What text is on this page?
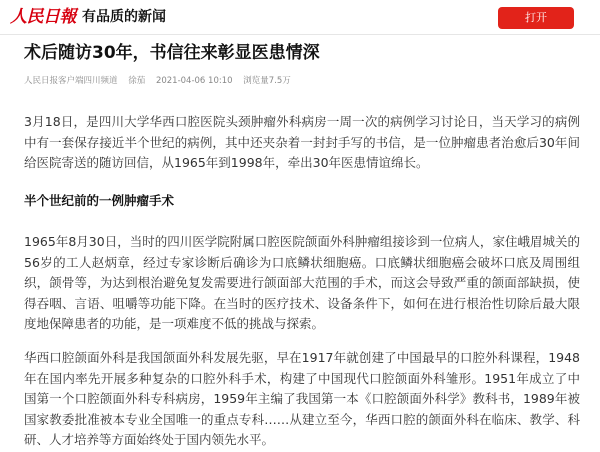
人民日報 有品质的新闻	打开
术后随访30年，书信往来彰显医患情深
人民日报客户端四川频道 徐茄 2021-04-06 10:10 浏览量7.5万

3月18日，是四川大学华西口腔医院头颈肿瘤外科病房一周一次的病例学习讨论日，当天学习的病例中有一套保存接近半个世纪的病例，其中还夹杂着一封封手写的书信，是一位肿瘤患者治愈后30年间给医院寄送的随访回信，从1965年到1998年，牵出30年医患情谊绵长。

半个世纪前的一例肿瘤手术

1965年8月30日，当时的四川医学院附属口腔医院颌面外科肿瘤组接诊到一位病人，家住峨眉城关的56岁的工人赵炳章，经过专家诊断后确诊为口底鳞状细胞癌。口底鳞状细胞癌会破坏口底及周围组织，颌骨等，为达到根治避免复发需要进行颌面部大范围的手术，而这会导致严重的颌面部缺损，使得吞咽、言语、咀嚼等功能下降。在当时的医疗技术、设备条件下，如何在进行根治性切除后最大限度地保障患者的功能，是一项难度不低的挑战与探索。

华西口腔颌面外科是我国颌面外科发展先驱，早在1917年就创建了中国最早的口腔外科课程，1948年在国内率先开展多种复杂的口腔外科手术，构建了中国现代口腔颌面外科雏形。1951年成立了中国第一个口腔颌面外科专科病房，1959年主编了我国第一本《口腔颌面外科学》教科书，1989年被国家教委批准被本专业全国唯一的重点专科……从建立至今，华西口腔的颌面外科在临床、教学、科研、人才培养等方面始终处于国内领先水平。
